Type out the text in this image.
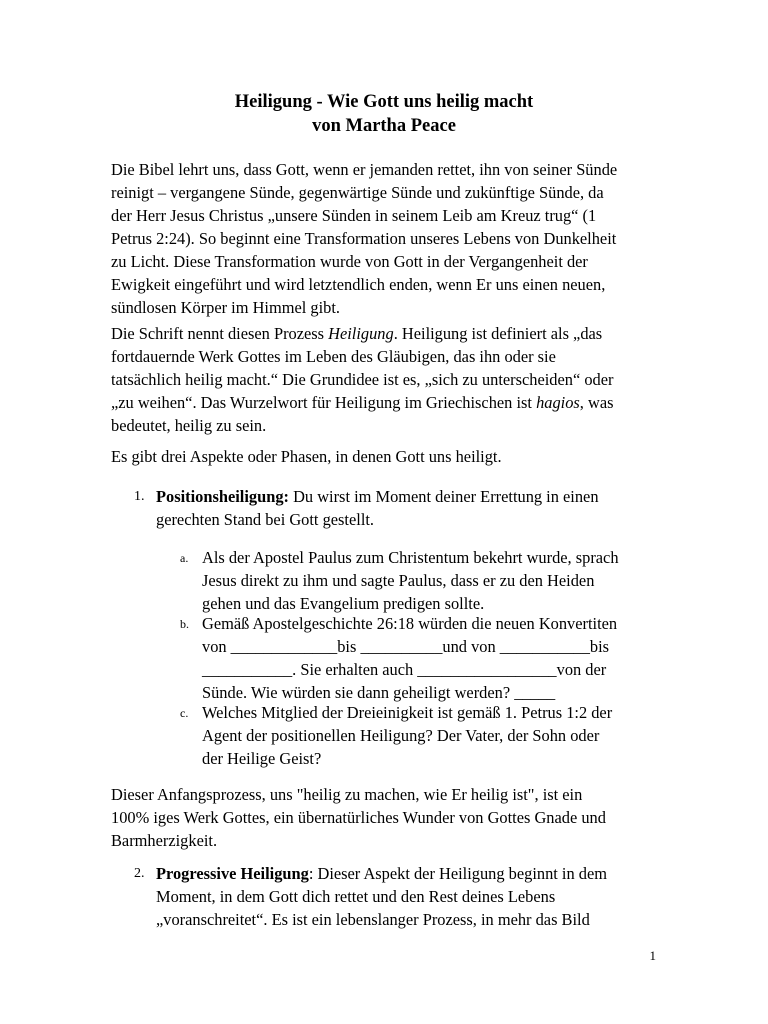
Heiligung - Wie Gott uns heilig macht
von Martha Peace
Die Bibel lehrt uns, dass Gott, wenn er jemanden rettet, ihn von seiner Sünde
reinigt – vergangene Sünde, gegenwärtige Sünde und zukünftige Sünde, da
der Herr Jesus Christus „unsere Sünden in seinem Leib am Kreuz trug“ (1
Petrus 2:24). So beginnt eine Transformation unseres Lebens von Dunkelheit
zu Licht. Diese Transformation wurde von Gott in der Vergangenheit der
Ewigkeit eingeführt und wird letztendlich enden, wenn Er uns einen neuen,
sündlosen Körper im Himmel gibt.
Die Schrift nennt diesen Prozess Heiligung. Heiligung ist definiert als „das
fortdauernde Werk Gottes im Leben des Gläubigen, das ihn oder sie
tatsächlich heilig macht.“ Die Grundidee ist es, „sich zu unterscheiden“ oder
„zu weihen“. Das Wurzelwort für Heiligung im Griechischen ist hagios, was
bedeutet, heilig zu sein.
Es gibt drei Aspekte oder Phasen, in denen Gott uns heiligt.
1. Positionsheiligung: Du wirst im Moment deiner Errettung in einen
gerechten Stand bei Gott gestellt.
a. Als der Apostel Paulus zum Christentum bekehrt wurde, sprach
Jesus direkt zu ihm und sagte Paulus, dass er zu den Heiden
gehen und das Evangelium predigen sollte.
b. Gemäß Apostelgeschichte 26:18 würden die neuen Konvertiten
von _____________bis __________und von ___________bis
___________. Sie erhalten auch _________________von der
Sünde. Wie würden sie dann geheiligt werden? _____
c. Welches Mitglied der Dreieinigkeit ist gemäß 1. Petrus 1:2 der
Agent der positionellen Heiligung? Der Vater, der Sohn oder
der Heilige Geist?
Dieser Anfangsprozess, uns "heilig zu machen, wie Er heilig ist", ist ein
100% iges Werk Gottes, ein übernatürliches Wunder von Gottes Gnade und
Barmherzigkeit.
2. Progressive Heiligung: Dieser Aspekt der Heiligung beginnt in dem
Moment, in dem Gott dich rettet und den Rest deines Lebens
„voranschreitet“. Es ist ein lebenslanger Prozess, in mehr das Bild
1
